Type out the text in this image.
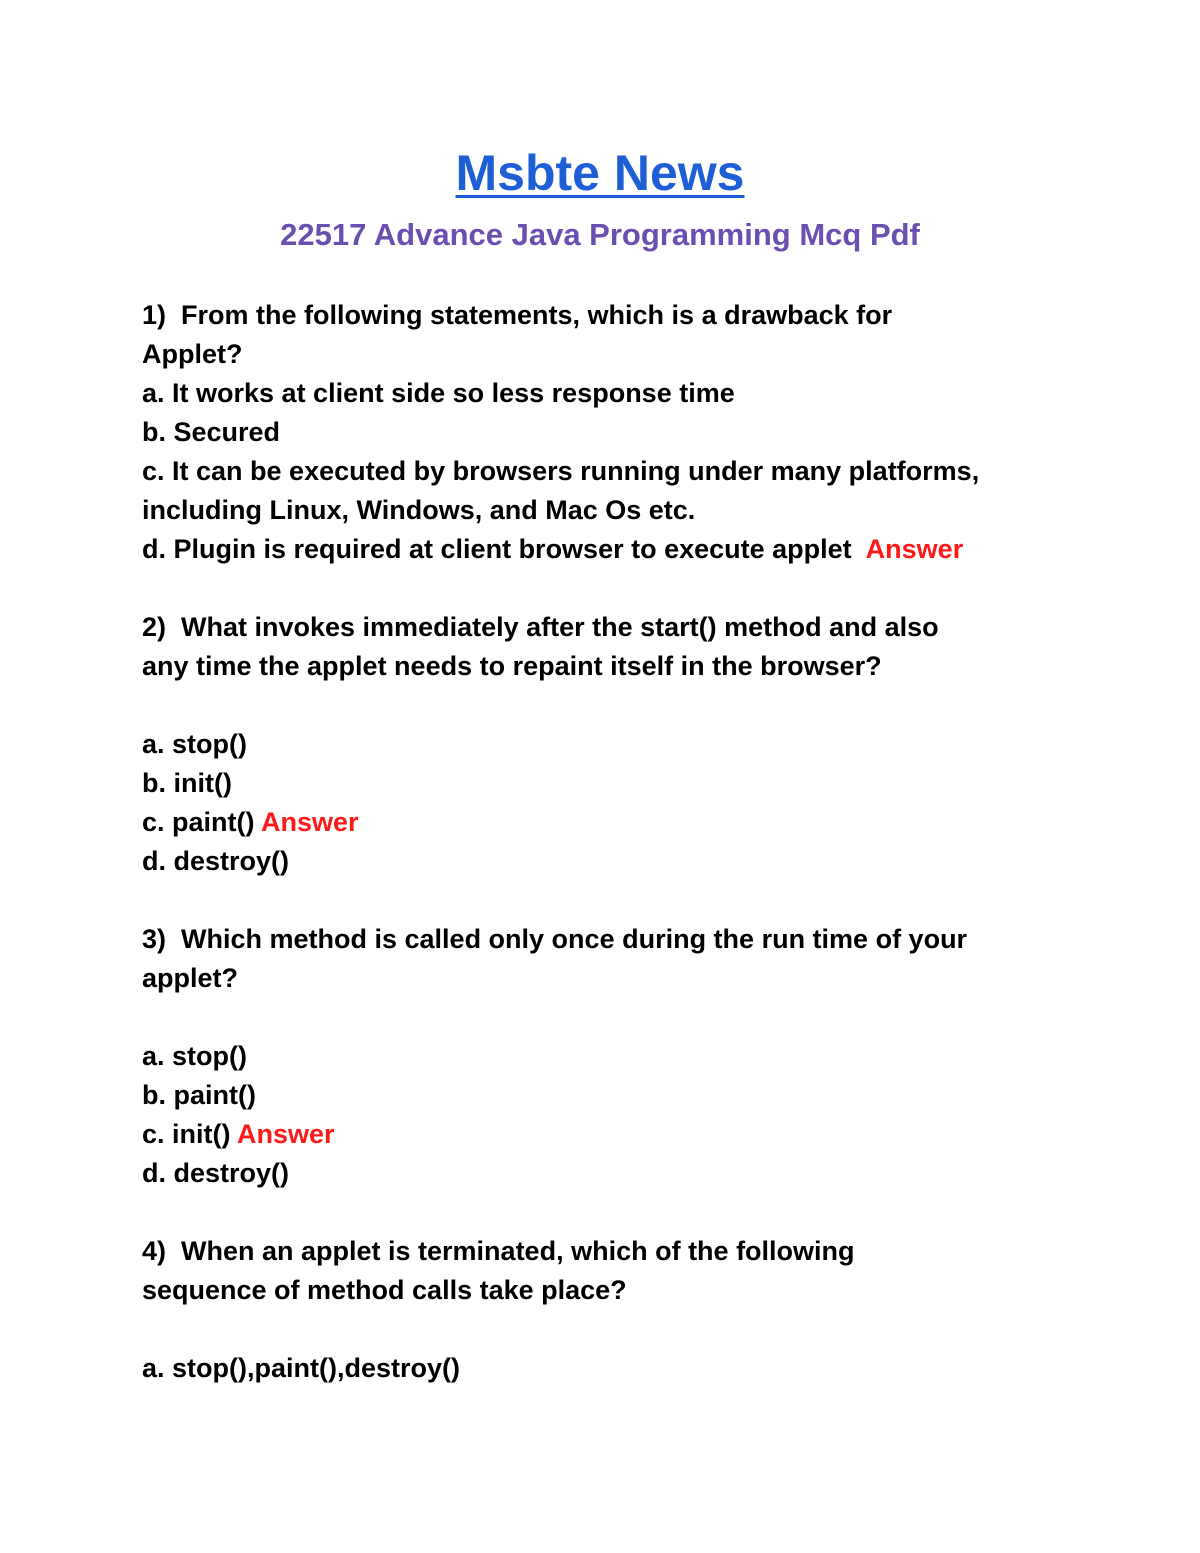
Msbte News
22517 Advance Java Programming Mcq Pdf
1)  From the following statements, which is a drawback for
Applet?
a. It works at client side so less response time
b. Secured
c. It can be executed by browsers running under many platforms,
including Linux, Windows, and Mac Os etc.
d. Plugin is required at client browser to execute applet  Answer
2)  What invokes immediately after the start() method and also
any time the applet needs to repaint itself in the browser?
a. stop()
b. init()
c. paint() Answer
d. destroy()
3)  Which method is called only once during the run time of your
applet?
a. stop()
b. paint()
c. init() Answer
d. destroy()
4)  When an applet is terminated, which of the following
sequence of method calls take place?
a. stop(),paint(),destroy()
